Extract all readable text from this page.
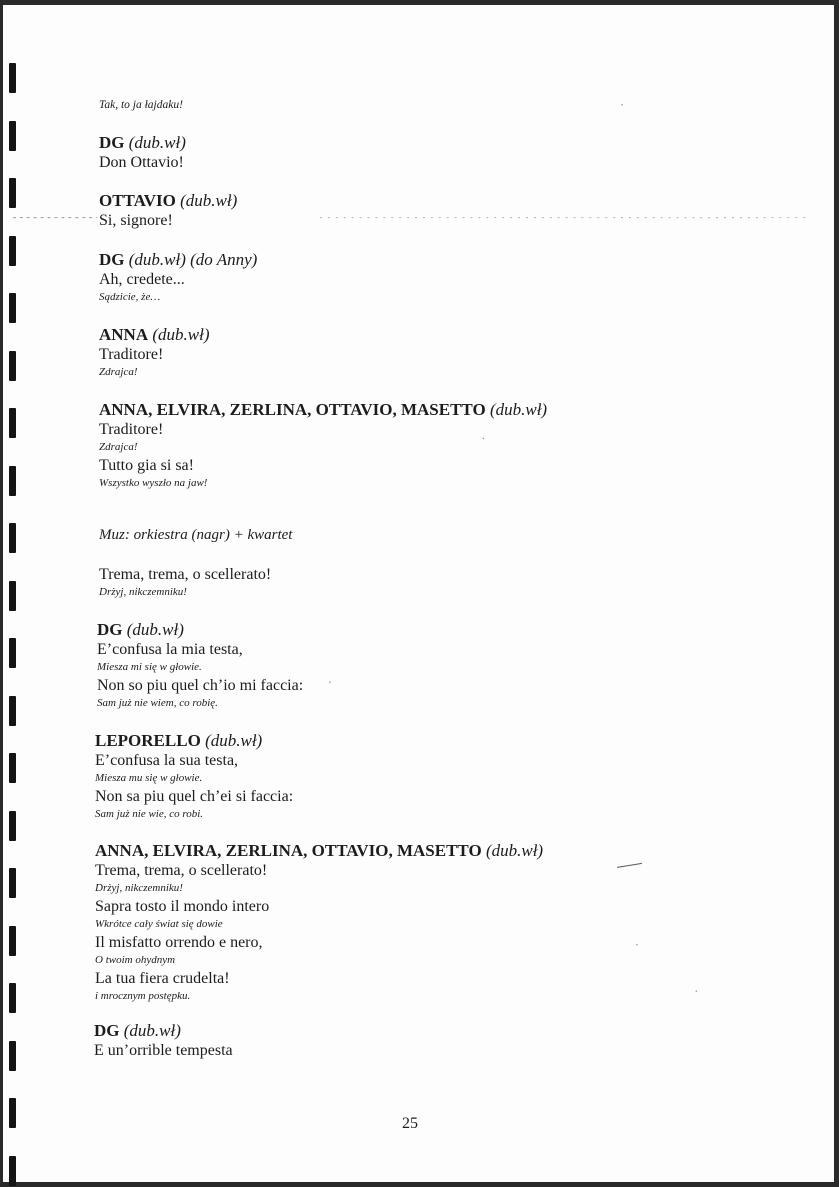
Tak, to ja łajdaku!
DG (dub.wł)
Don Ottavio!
OTTAVIO (dub.wł)
Si, signore!
DG (dub.wł) (do Anny)
Ah, credete...
Sądzicie, że…
ANNA (dub.wł)
Traditore!
Zdrajca!
ANNA, ELVIRA, ZERLINA, OTTAVIO, MASETTO (dub.wł)
Traditore!
Zdrajca!
Tutto gia si sa!
Wszystko wyszło na jaw!
Muz: orkiestra (nagr) + kwartet
Trema, trema, o scellerato!
Drżyj, nikczemniku!
DG (dub.wł)
E’confusa la mia testa,
Miesza mi się w głowie.
Non so piu quel ch’io mi faccia:
Sam już nie wiem, co robię.
LEPORELLO (dub.wł)
E’confusa la sua testa,
Miesza mu się w głowie.
Non sa piu quel ch’ei si faccia:
Sam już nie wie, co robi.
ANNA, ELVIRA, ZERLINA, OTTAVIO, MASETTO (dub.wł)
Trema, trema, o scellerato!
Drżyj, nikczemniku!
Sapra tosto il mondo intero
Wkrótce cały świat się dowie
Il misfatto orrendo e nero,
O twoim ohydnym
La tua fiera crudelta!
i mrocznym postępku.
DG (dub.wł)
E un’orrible tempesta
25
